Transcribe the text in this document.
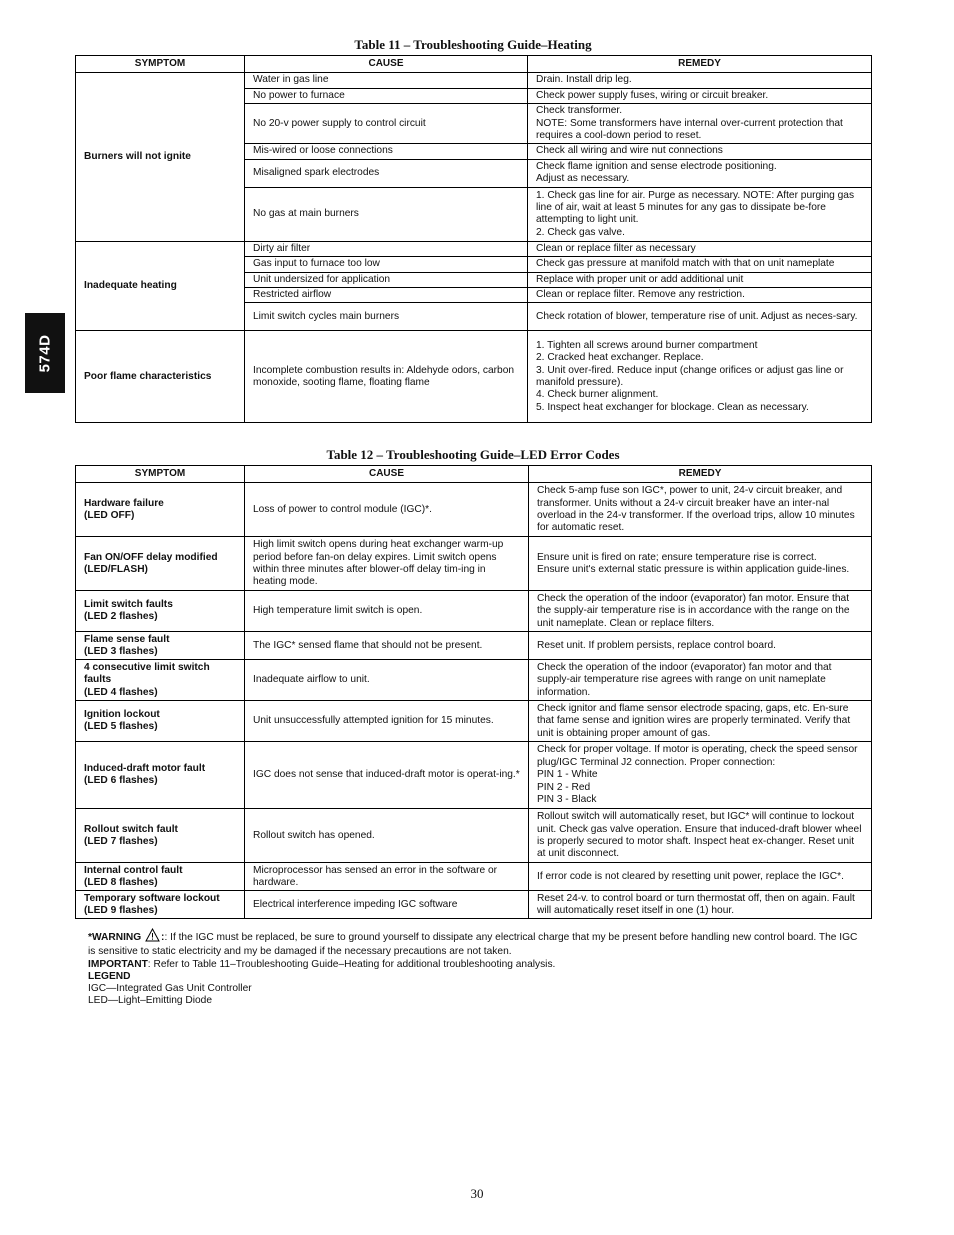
574D
Table 11 – Troubleshooting Guide–Heating
SYMPTOM	CAUSE	REMEDY
Burners will not ignite	Water in gas line	Drain. Install drip leg.
	No power to furnace	Check power supply fuses, wiring or circuit breaker.
	No 20-v power supply to control circuit	Check transformer.
NOTE: Some transformers have internal over-current protection that requires a cool-down period to reset.
	Mis-wired or loose connections	Check all wiring and wire nut connections
	Misaligned spark electrodes	Check flame ignition and sense electrode positioning.
Adjust as necessary.
	No gas at main burners	1. Check gas line for air. Purge as necessary. NOTE: After purging gas line of air, wait at least 5 minutes for any gas to dissipate be-fore attempting to light unit.
2. Check gas valve.
Inadequate heating	Dirty air filter	Clean or replace filter as necessary
	Gas input to furnace too low	Check gas pressure at manifold match with that on unit nameplate
	Unit undersized for application	Replace with proper unit or add additional unit
	Restricted airflow	Clean or replace filter. Remove any restriction.
	Limit switch cycles main burners	Check rotation of blower, temperature rise of unit. Adjust as neces-sary.
Poor flame characteristics	Incomplete combustion results in: Aldehyde odors, carbon monoxide, sooting flame, floating flame	1. Tighten all screws around burner compartment
2. Cracked heat exchanger. Replace.
3. Unit over-fired. Reduce input (change orifices or adjust gas line or manifold pressure).
4. Check burner alignment.
5. Inspect heat exchanger for blockage. Clean as necessary.
Table 12 – Troubleshooting Guide–LED Error Codes
SYMPTOM	CAUSE	REMEDY
Hardware failure
(LED OFF)	Loss of power to control module (IGC)*.	Check 5-amp fuse son IGC*, power to unit, 24-v circuit breaker, and transformer. Units without a 24-v circuit breaker have an inter-nal overload in the 24-v transformer. If the overload trips, allow 10 minutes for automatic reset.
Fan ON/OFF delay modified
(LED/FLASH)	High limit switch opens during heat exchanger warm-up period before fan-on delay expires. Limit switch opens within three minutes after blower-off delay tim-ing in heating mode.	Ensure unit is fired on rate; ensure temperature rise is correct.
Ensure unit's external static pressure is within application guide-lines.
Limit switch faults
(LED 2 flashes)	High temperature limit switch is open.	Check the operation of the indoor (evaporator) fan motor. Ensure that the supply-air temperature rise is in accordance with the range on the unit nameplate. Clean or replace filters.
Flame sense fault
(LED 3 flashes)	The IGC* sensed flame that should not be present.	Reset unit. If problem persists, replace control board.
4 consecutive limit switch faults
(LED 4 flashes)	Inadequate airflow to unit.	Check the operation of the indoor (evaporator) fan motor and that supply-air temperature rise agrees with range on unit nameplate information.
Ignition lockout
(LED 5 flashes)	Unit unsuccessfully attempted ignition for 15 minutes.	Check ignitor and flame sensor electrode spacing, gaps, etc. En-sure that fame sense and ignition wires are properly terminated. Verify that unit is obtaining proper amount of gas.
Induced-draft motor fault
(LED 6 flashes)	IGC does not sense that induced-draft motor is operat-ing.*	Check for proper voltage. If motor is operating, check the speed sensor plug/IGC Terminal J2 connection. Proper connection:
PIN 1 - White
PIN 2 - Red
PIN 3 - Black
Rollout switch fault
(LED 7 flashes)	Rollout switch has opened.	Rollout switch will automatically reset, but IGC* will continue to lockout unit. Check gas valve operation. Ensure that induced-draft blower wheel is properly secured to motor shaft. Inspect heat ex-changer. Reset unit at unit disconnect.
Internal control fault
(LED 8 flashes)	Microprocessor has sensed an error in the software or hardware.	If error code is not cleared by resetting unit power, replace the IGC*.
Temporary software lockout
(LED 9 flashes)	Electrical interference impeding IGC software	Reset 24-v. to control board or turn thermostat off, then on again. Fault will automatically reset itself in one (1) hour.

*WARNING :: If the IGC must be replaced, be sure to ground yourself to dissipate any electrical charge that my be present before handling new control board. The IGC is sensitive to static electricity and my be damaged if the necessary precautions are not taken.

IMPORTANT: Refer to Table 11–Troubleshooting Guide–Heating for additional troubleshooting analysis.

LEGEND

IGC—Integrated Gas Unit Controller

LED—Light–Emitting Diode

30
